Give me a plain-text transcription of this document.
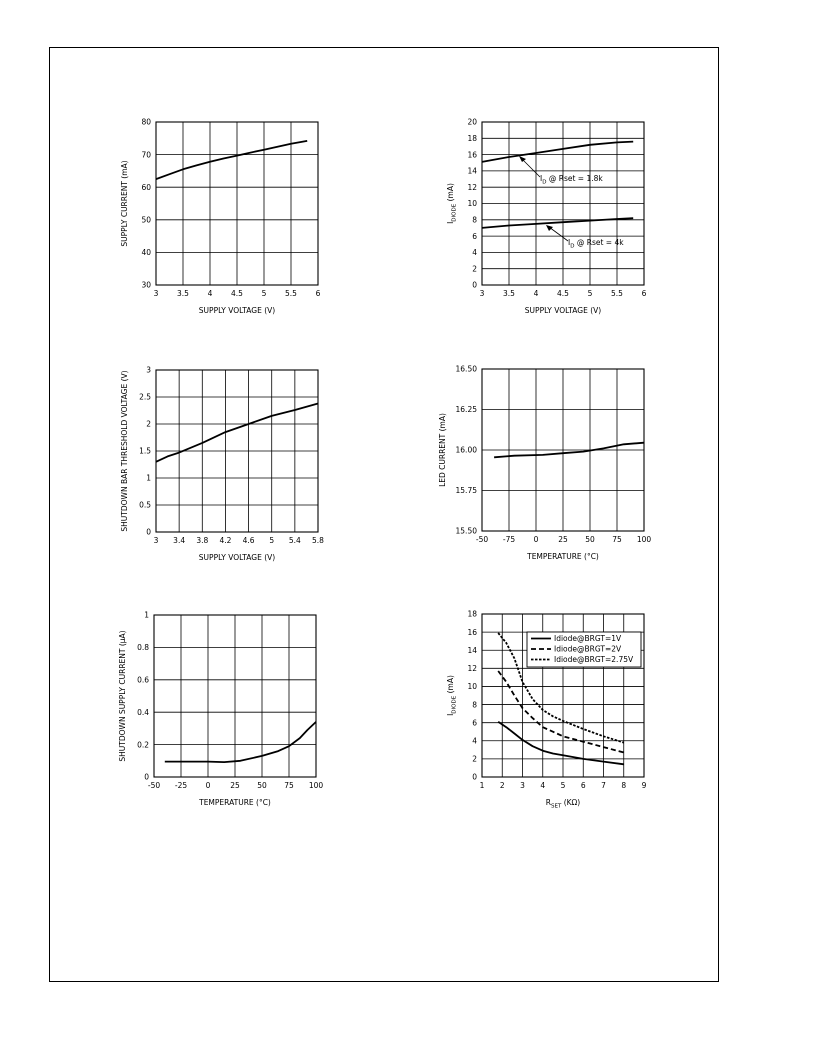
3 3.5 4 4.5 5 5.5 6
30
40
50
60
70
80
SUPPLY VOLTAGE (V)
SUPPLY CURRENT (mA)
3 3.5 4 4.5 5 5.5 6
0
2
4
6
8
10
12
14
16
18
20
SUPPLY VOLTAGE (V)
$I_{DIODE}$ (mA)
$I_D$ @ Rset = 1.8k
$I_D$ @ Rset = 4k
3 3.4 3.8 4.2 4.6 5 5.4 5.8
0
0.5
1
1.5
2
2.5
3
SUPPLY VOLTAGE (V)
SHUTDOWN BAR THRESHOLD VOLTAGE (V)
-50 -75 0	25 50 75 100
15.50
15.75
16.00
16.25
16.50
TEMPERATURE (°C)
LED CURRENT (mA)
-50 -25 0	25 50 75 100
0
0.2
0.4
0.6
0.8
1
TEMPERATURE (°C)
SHUTDOWN SUPPLY CURRENT (µA)
1 2 3 4 5 6 7 8 9
0
2
4
6
8
10
12
14
16
18
$R_{SET}$ (KΩ)
$I_{DIODE}$ (mA)
Idiode@BRGT=1V
Idiode@BRGT=2V
Idiode@BRGT=2.75V
